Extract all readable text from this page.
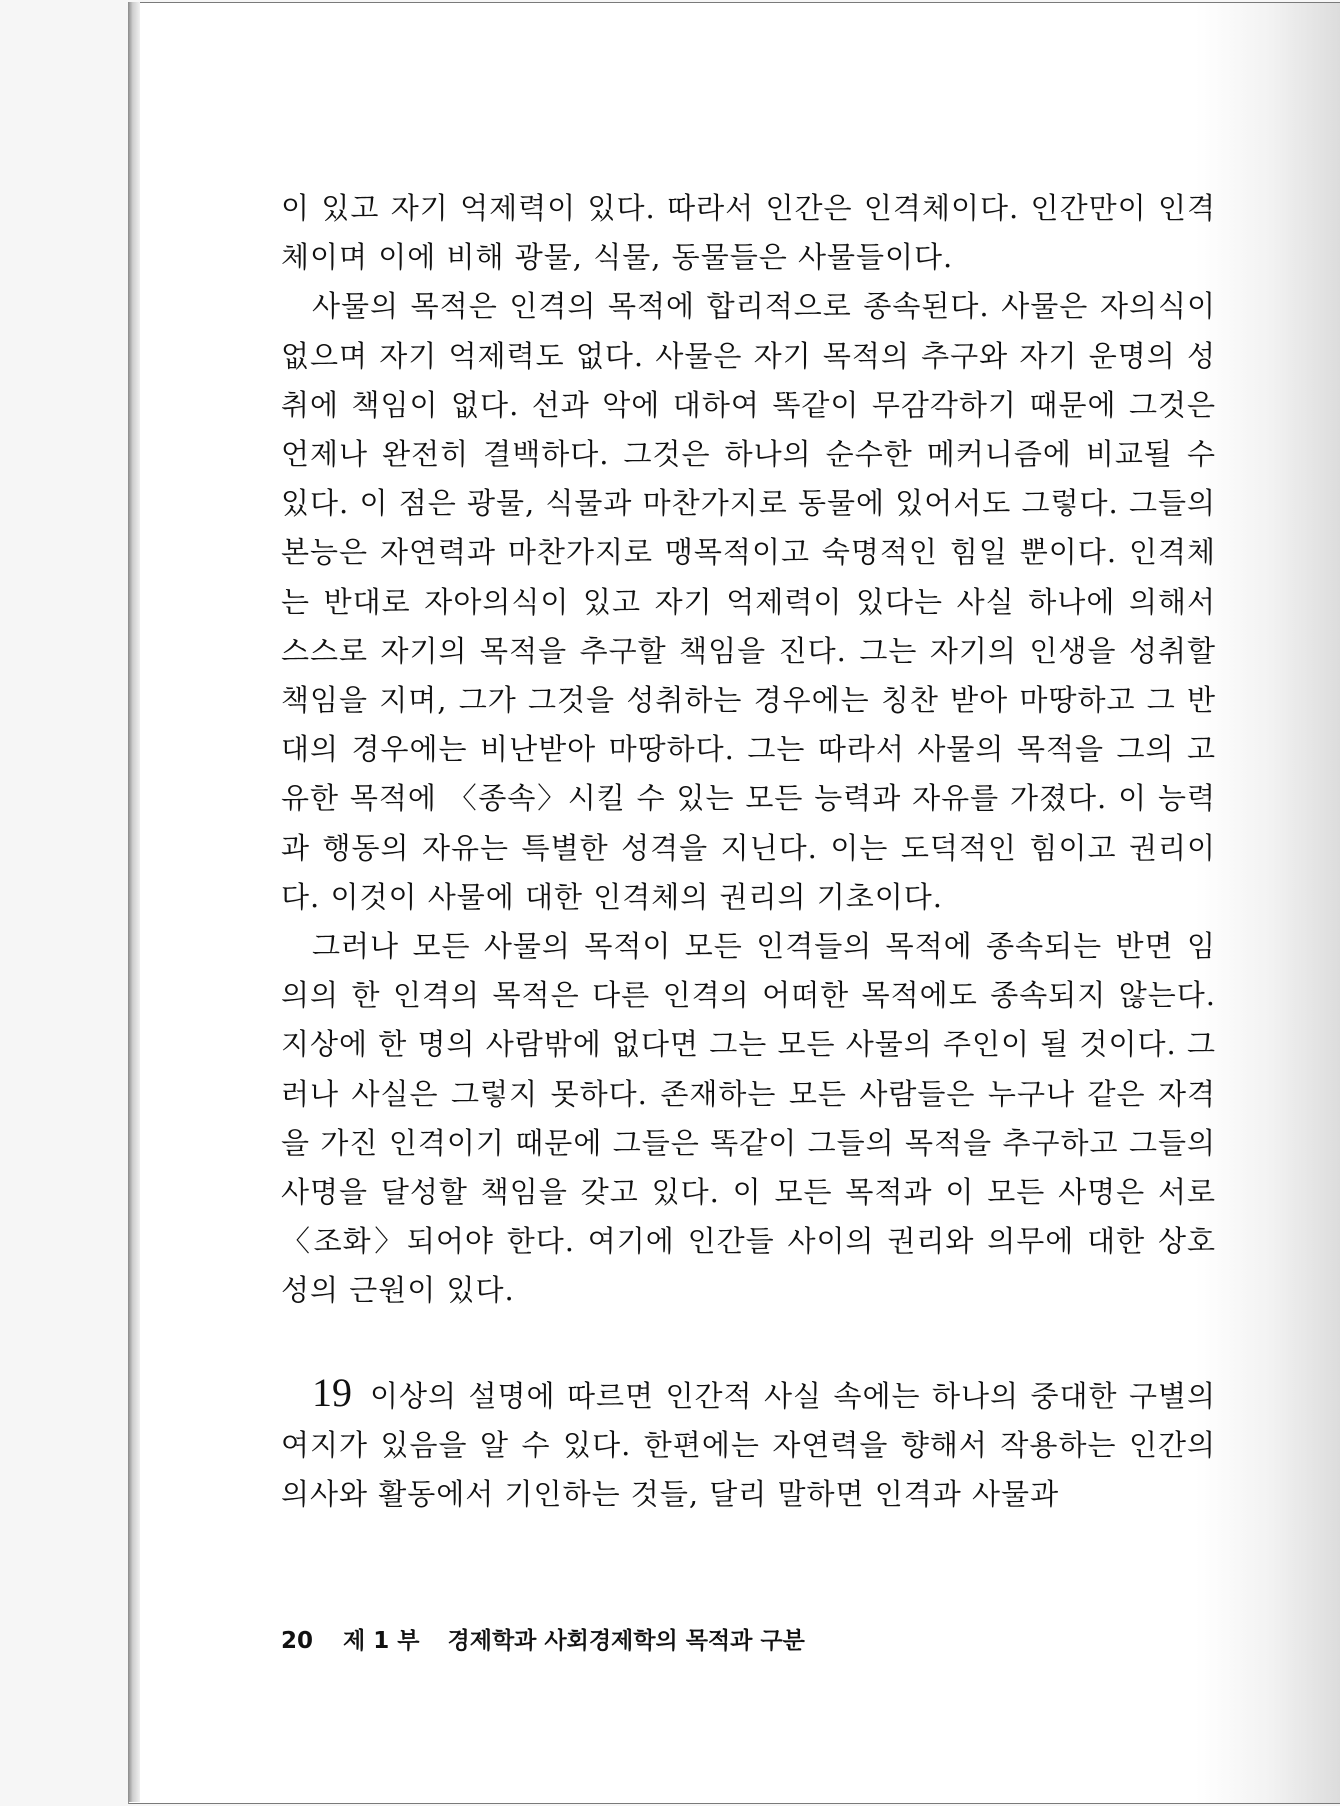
이 있고 자기 억제력이 있다. 따라서 인간은 인격체이다. 인간만이 인격체이며 이에 비해 광물, 식물, 동물들은 사물들이다.

사물의 목적은 인격의 목적에 합리적으로 종속된다. 사물은 자의식이 없으며 자기 억제력도 없다. 사물은 자기 목적의 추구와 자기 운명의 성취에 책임이 없다. 선과 악에 대하여 똑같이 무감각하기 때문에 그것은 언제나 완전히 결백하다. 그것은 하나의 순수한 메커니즘에 비교될 수 있다. 이 점은 광물, 식물과 마찬가지로 동물에 있어서도 그렇다. 그들의 본능은 자연력과 마찬가지로 맹목적이고 숙명적인 힘일 뿐이다. 인격체는 반대로 자아의식이 있고 자기 억제력이 있다는 사실 하나에 의해서 스스로 자기의 목적을 추구할 책임을 진다. 그는 자기의 인생을 성취할 책임을 지며, 그가 그것을 성취하는 경우에는 칭찬 받아 마땅하고 그 반대의 경우에는 비난받아 마땅하다. 그는 따라서 사물의 목적을 그의 고유한 목적에 〈종속〉시킬 수 있는 모든 능력과 자유를 가졌다. 이 능력과 행동의 자유는 특별한 성격을 지닌다. 이는 도덕적인 힘이고 권리이다. 이것이 사물에 대한 인격체의 권리의 기초이다.

그러나 모든 사물의 목적이 모든 인격들의 목적에 종속되는 반면 임의의 한 인격의 목적은 다른 인격의 어떠한 목적에도 종속되지 않는다. 지상에 한 명의 사람밖에 없다면 그는 모든 사물의 주인이 될 것이다. 그러나 사실은 그렇지 못하다. 존재하는 모든 사람들은 누구나 같은 자격을 가진 인격이기 때문에 그들은 똑같이 그들의 목적을 추구하고 그들의 사명을 달성할 책임을 갖고 있다. 이 모든 목적과 이 모든 사명은 서로 〈조화〉되어야 한다. 여기에 인간들 사이의 권리와 의무에 대한 상호성의 근원이 있다.

19 이상의 설명에 따르면 인간적 사실 속에는 하나의 중대한 구별의 여지가 있음을 알 수 있다. 한편에는 자연력을 향해서 작용하는 인간의 의사와 활동에서 기인하는 것들, 달리 말하면 인격과 사물과

20 제 1 부 경제학과 사회경제학의 목적과 구분
